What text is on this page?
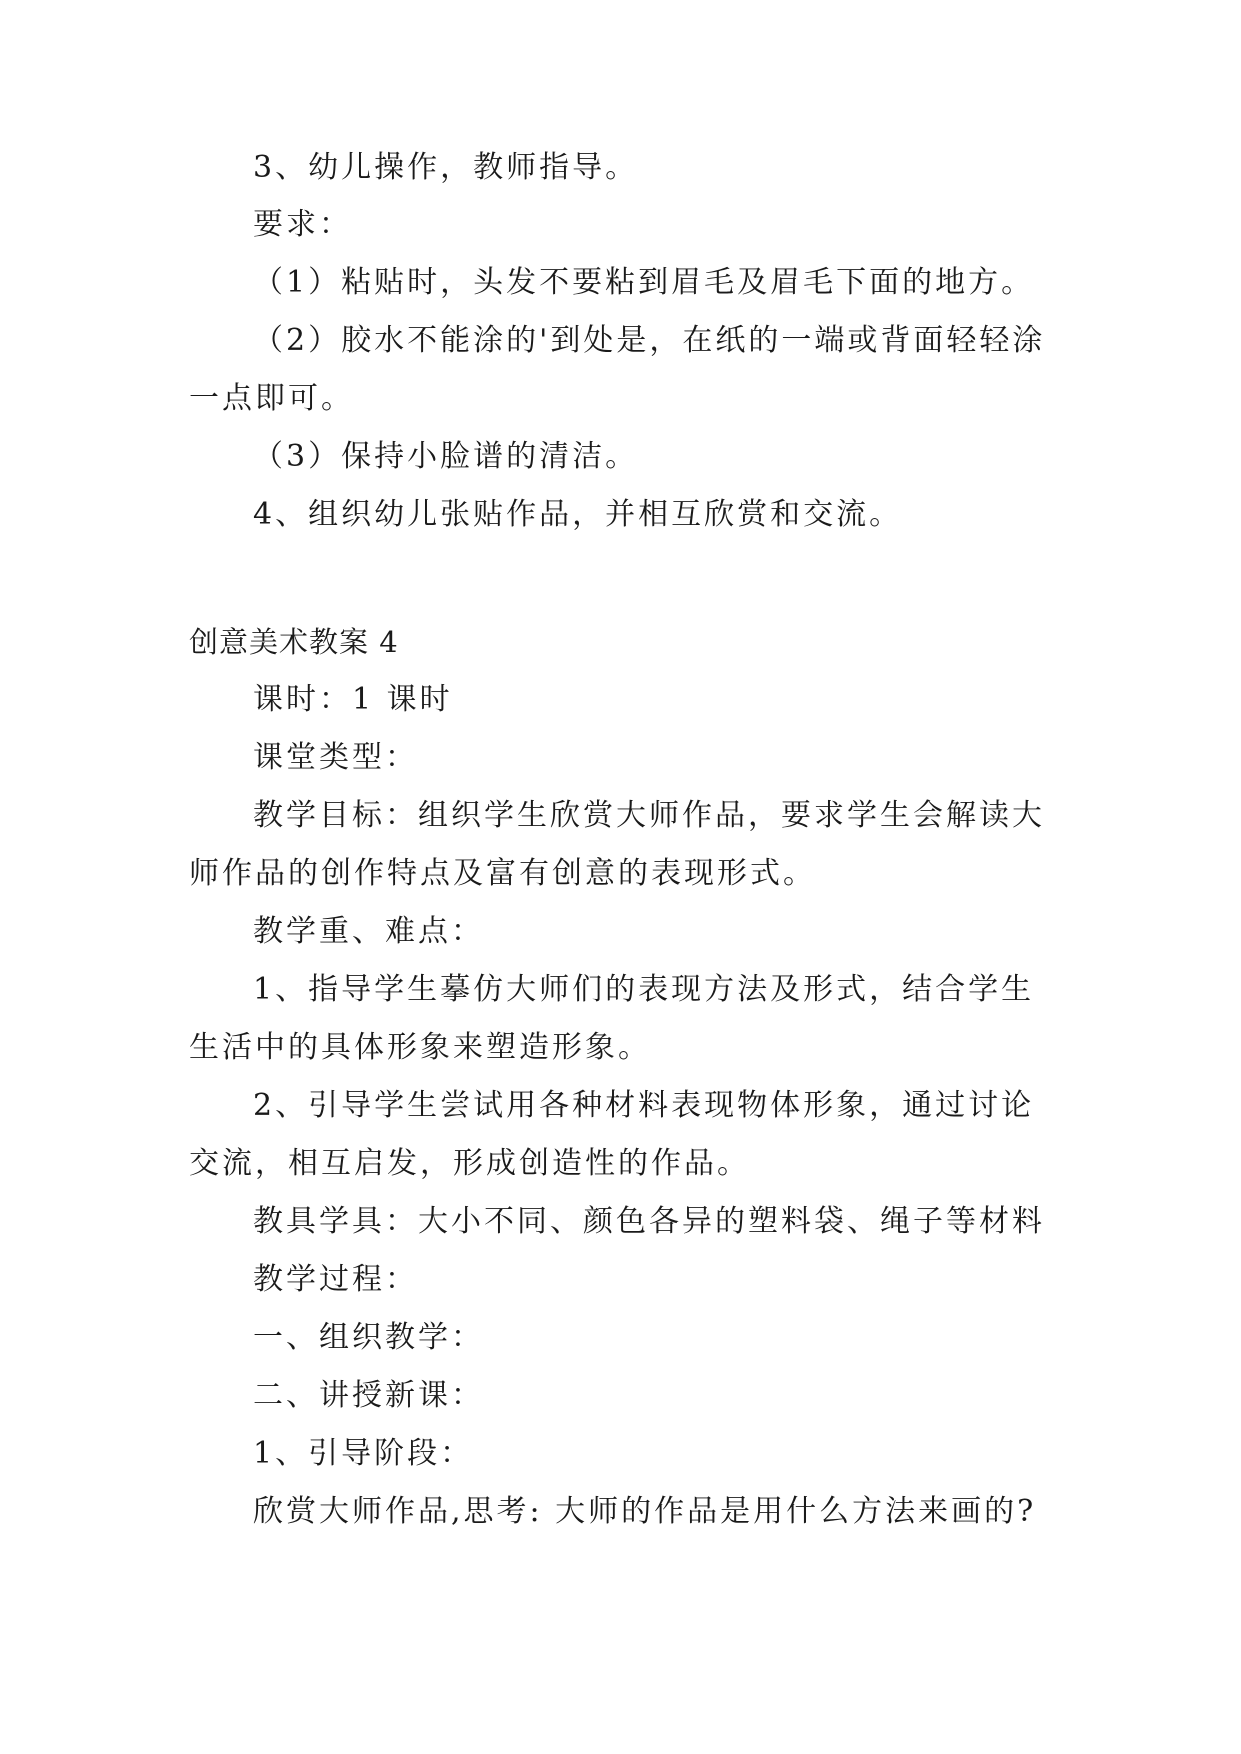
3、幼儿操作，教师指导。

要求：

（1）粘贴时，头发不要粘到眉毛及眉毛下面的地方。

（2）胶水不能涂的'到处是，在纸的一端或背面轻轻涂

一点即可。

（3）保持小脸谱的清洁。

4、组织幼儿张贴作品，并相互欣赏和交流。

创意美术教案 4

课时：1 课时

课堂类型：

教学目标：组织学生欣赏大师作品，要求学生会解读大

师作品的创作特点及富有创意的表现形式。

教学重、难点：

1、指导学生摹仿大师们的表现方法及形式，结合学生

生活中的具体形象来塑造形象。

2、引导学生尝试用各种材料表现物体形象，通过讨论

交流，相互启发，形成创造性的作品。

教具学具：大小不同、颜色各异的塑料袋、绳子等材料

教学过程：

一、组织教学：

二、讲授新课：

1、引导阶段：

欣赏大师作品,思考: 大师的作品是用什么方法来画的?
